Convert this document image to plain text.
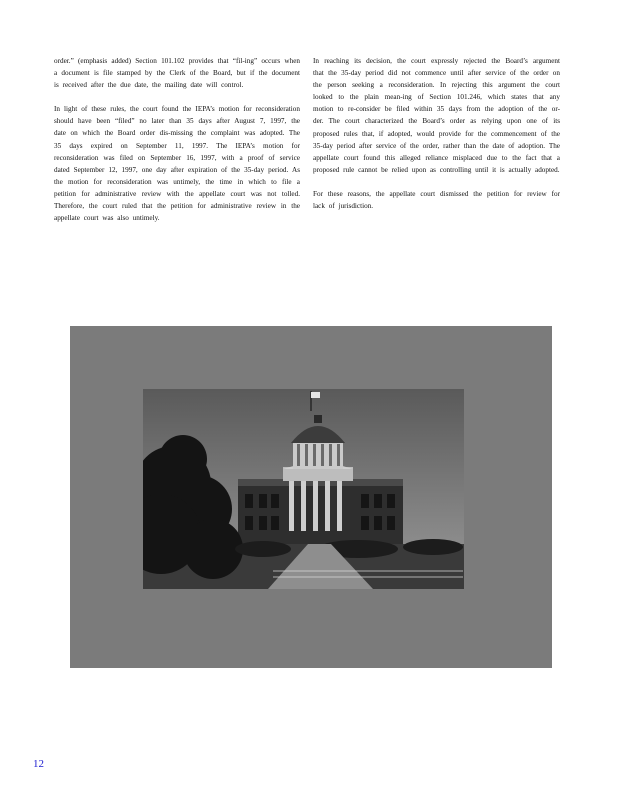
order.” (emphasis added) Section 101.102 provides that “fil-ing” occurs when a document is file stamped by the Clerk of the Board, but if the document is received after the due date, the mailing date will control.

In light of these rules, the court found the IEPA’s motion for reconsideration should have been “filed” no later than 35 days after August 7, 1997, the date on which the Board order dis-missing the complaint was adopted. The 35 days expired on September 11, 1997. The IEPA’s motion for reconsideration was filed on September 16, 1997, with a proof of service dated September 12, 1997, one day after expiration of the 35-day period. As the motion for reconsideration was untimely, the time in which to file a petition for administrative review with the appellate court was not tolled. Therefore, the court ruled that the petition for administrative review in the appellate court was also untimely.

In reaching its decision, the court expressly rejected the Board’s argument that the 35-day period did not commence until after service of the order on the person seeking a reconsideration. In rejecting this argument the court looked to the plain mean-ing of Section 101.246, which states that any motion to re-consider be filed within 35 days from the adoption of the or-der. The court characterized the Board’s order as relying upon one of its proposed rules that, if adopted, would provide for the commencement of the 35-day period after service of the order, rather than the date of adoption. The appellate court found this alleged reliance misplaced due to the fact that a proposed rule cannot be relied upon as controlling until it is actually adopted.

For these reasons, the appellate court dismissed the petition for review for lack of jurisdiction.

12
